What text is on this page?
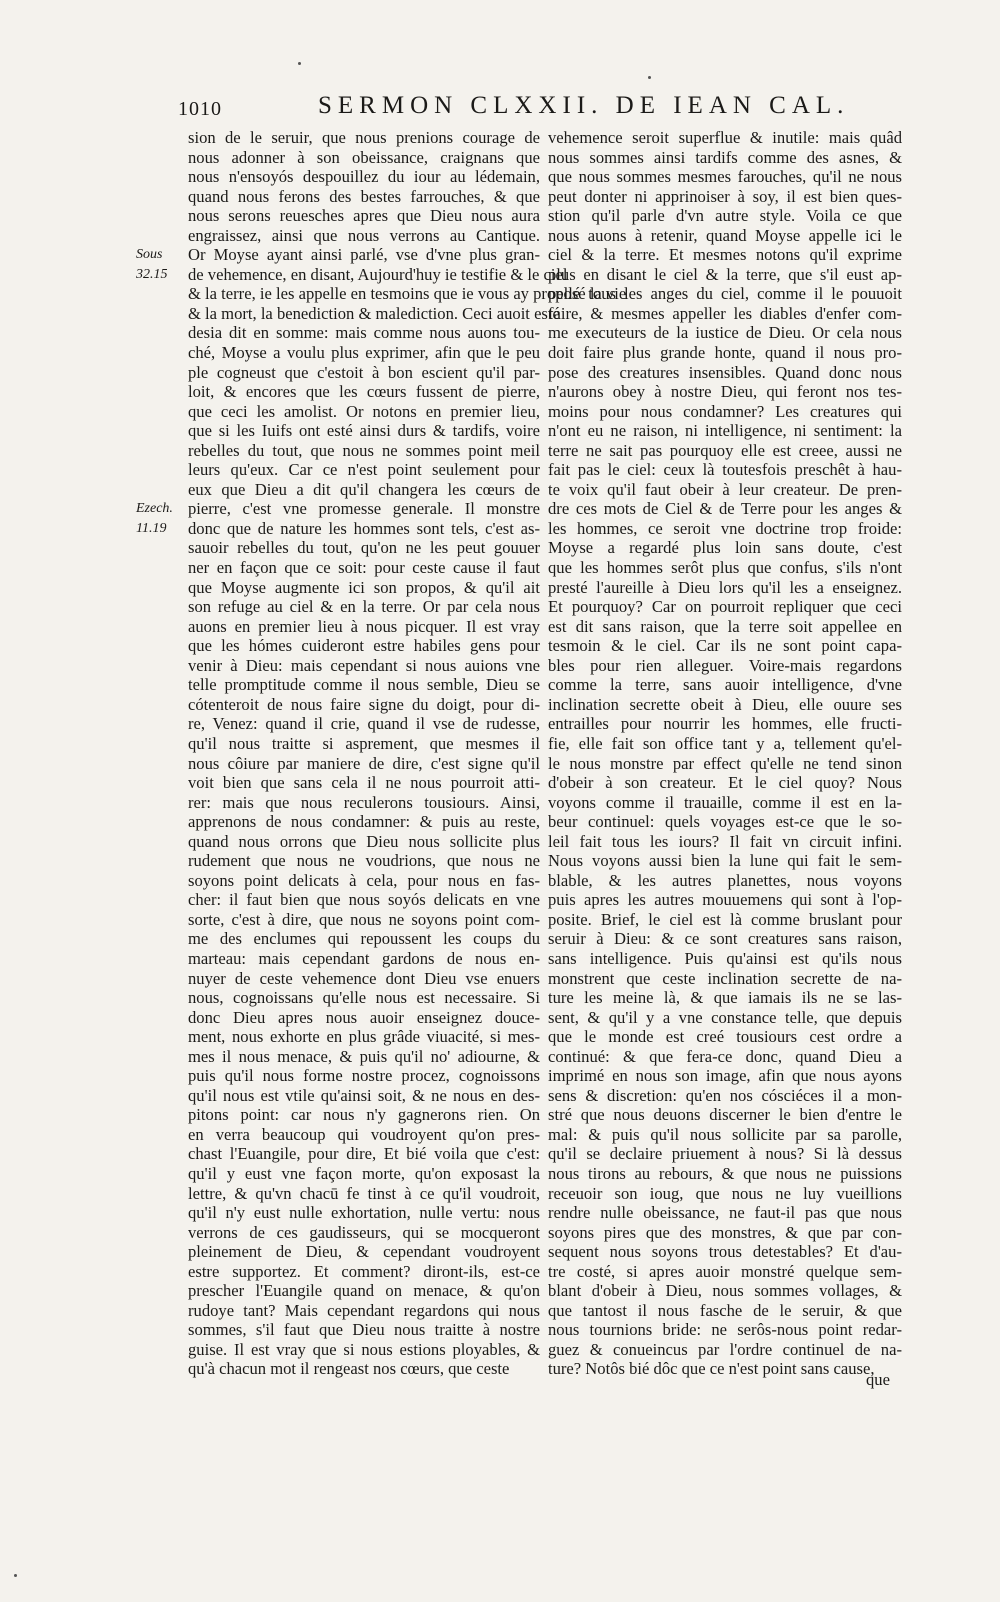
1010	SERMON CLXXII. DE IEAN CAL.
sion de le seruir, que nous prenions courage de
nous adonner à son obeissance, craignans que
nous n'ensoyós despouillez du iour au lédemain,
quand nous ferons des bestes farrouches, & que
nous serons reuesches apres que Dieu nous aura
engraissez, ainsi que nous verrons au Cantique.
Or Moyse ayant ainsi parlé, vse d'vne plus gran-
de vehemence, en disant, Aujourd'huy ie testifie & le ciel
& la terre, ie les appelle en tesmoins que ie vous ay proposé la vie
& la mort, la benediction & malediction. Ceci auoit esté
desia dit en somme: mais comme nous auons tou-
ché, Moyse a voulu plus exprimer, afin que le peu
ple cogneust que c'estoit à bon escient qu'il par-
loit, & encores que les cœurs fussent de pierre,
que ceci les amolist. Or notons en premier lieu,
que si les Iuifs ont esté ainsi durs & tardifs, voire
rebelles du tout, que nous ne sommes point meil
leurs qu'eux. Car ce n'est point seulement pour
eux que Dieu a dit qu'il changera les cœurs de
pierre, c'est vne promesse generale. Il monstre
donc que de nature les hommes sont tels, c'est as-
sauoir rebelles du tout, qu'on ne les peut gouuer
ner en façon que ce soit: pour ceste cause il faut
que Moyse augmente ici son propos, & qu'il ait
son refuge au ciel & en la terre. Or par cela nous
auons en premier lieu à nous picquer. Il est vray
que les hómes cuideront estre habiles gens pour
venir à Dieu: mais cependant si nous auions vne
telle promptitude comme il nous semble, Dieu se
cótenteroit de nous faire signe du doigt, pour di-
re, Venez: quand il crie, quand il vse de rudesse,
qu'il nous traitte si asprement, que mesmes il
nous côiure par maniere de dire, c'est signe qu'il
voit bien que sans cela il ne nous pourroit atti-
rer: mais que nous reculerons tousiours. Ainsi,
apprenons de nous condamner: & puis au reste,
quand nous orrons que Dieu nous sollicite plus
rudement que nous ne voudrions, que nous ne
soyons point delicats à cela, pour nous en fas-
cher: il faut bien que nous soyós delicats en vne
sorte, c'est à dire, que nous ne soyons point com-
me des enclumes qui repoussent les coups du
marteau: mais cependant gardons de nous en-
nuyer de ceste vehemence dont Dieu vse enuers
nous, cognoissans qu'elle nous est necessaire. Si
donc Dieu apres nous auoir enseignez douce-
ment, nous exhorte en plus grâde viuacité, si mes-
mes il nous menace, & puis qu'il no' adiourne, &
puis qu'il nous forme nostre procez, cognoissons
qu'il nous est vtile qu'ainsi soit, & ne nous en des-
pitons point: car nous n'y gagnerons rien. On
en verra beaucoup qui voudroyent qu'on pres-
chast l'Euangile, pour dire, Et bié voila que c'est:
qu'il y eust vne façon morte, qu'on exposast la
lettre, & qu'vn chacū fe tinst à ce qu'il voudroit,
qu'il n'y eust nulle exhortation, nulle vertu: nous
verrons de ces gaudisseurs, qui se mocqueront
pleinement de Dieu, & cependant voudroyent
estre supportez. Et comment? diront-ils, est-ce
prescher l'Euangile quand on menace, & qu'on
rudoye tant? Mais cependant regardons qui nous
sommes, s'il faut que Dieu nous traitte à nostre
guise. Il est vray que si nous estions ployables, &
qu'à chacun mot il rengeast nos cœurs, que ceste
vehemence seroit superflue & inutile: mais quâd
nous sommes ainsi tardifs comme des asnes, &
que nous sommes mesmes farouches, qu'il ne nous
peut donter ni apprinoiser à soy, il est bien ques-
stion qu'il parle d'vn autre style. Voila ce que
nous auons à retenir, quand Moyse appelle ici le
ciel & la terre. Et mesmes notons qu'il exprime
plus en disant le ciel & la terre, que s'il eust ap-
pellé tous les anges du ciel, comme il le pouuoit
faire, & mesmes appeller les diables d'enfer com-
me executeurs de la iustice de Dieu. Or cela nous
doit faire plus grande honte, quand il nous pro-
pose des creatures insensibles. Quand donc nous
n'aurons obey à nostre Dieu, qui feront nos tes-
moins pour nous condamner? Les creatures qui
n'ont eu ne raison, ni intelligence, ni sentiment: la
terre ne sait pas pourquoy elle est creee, aussi ne
fait pas le ciel: ceux là toutesfois preschêt à hau-
te voix qu'il faut obeir à leur createur. De pren-
dre ces mots de Ciel & de Terre pour les anges &
les hommes, ce seroit vne doctrine trop froide:
Moyse a regardé plus loin sans doute, c'est
que les hommes serôt plus que confus, s'ils n'ont
presté l'aureille à Dieu lors qu'il les a enseignez.
Et pourquoy? Car on pourroit repliquer que ceci
est dit sans raison, que la terre soit appellee en
tesmoin & le ciel. Car ils ne sont point capa-
bles pour rien alleguer. Voire-mais regardons
comme la terre, sans auoir intelligence, d'vne
inclination secrette obeit à Dieu, elle ouure ses
entrailles pour nourrir les hommes, elle fructi-
fie, elle fait son office tant y a, tellement qu'el-
le nous monstre par effect qu'elle ne tend sinon
d'obeir à son createur. Et le ciel quoy? Nous
voyons comme il trauaille, comme il est en la-
beur continuel: quels voyages est-ce que le so-
leil fait tous les iours? Il fait vn circuit infini.
Nous voyons aussi bien la lune qui fait le sem-
blable, & les autres planettes, nous voyons
puis apres les autres mouuemens qui sont à l'op-
posite. Brief, le ciel est là comme bruslant pour
seruir à Dieu: & ce sont creatures sans raison,
sans intelligence. Puis qu'ainsi est qu'ils nous
monstrent que ceste inclination secrette de na-
ture les meine là, & que iamais ils ne se las-
sent, & qu'il y a vne constance telle, que depuis
que le monde est creé tousiours cest ordre a
continué: & que fera-ce donc, quand Dieu a
imprimé en nous son image, afin que nous ayons
sens & discretion: qu'en nos cósciéces il a mon-
stré que nous deuons discerner le bien d'entre le
mal: & puis qu'il nous sollicite par sa parolle,
qu'il se declaire priuement à nous? Si là dessus
nous tirons au rebours, & que nous ne puissions
receuoir son ioug, que nous ne luy vueillions
rendre nulle obeissance, ne faut-il pas que nous
soyons pires que des monstres, & que par con-
sequent nous soyons trous detestables? Et d'au-
tre costé, si apres auoir monstré quelque sem-
blant d'obeir à Dieu, nous sommes vollages, &
que tantost il nous fasche de le seruir, & que
nous tournions bride: ne serôs-nous point redar-
guez & conueincus par l'ordre continuel de na-
ture? Notôs bié dôc que ce n'est point sans cause,
Sous
32.15
Ezech.
11.19
que
